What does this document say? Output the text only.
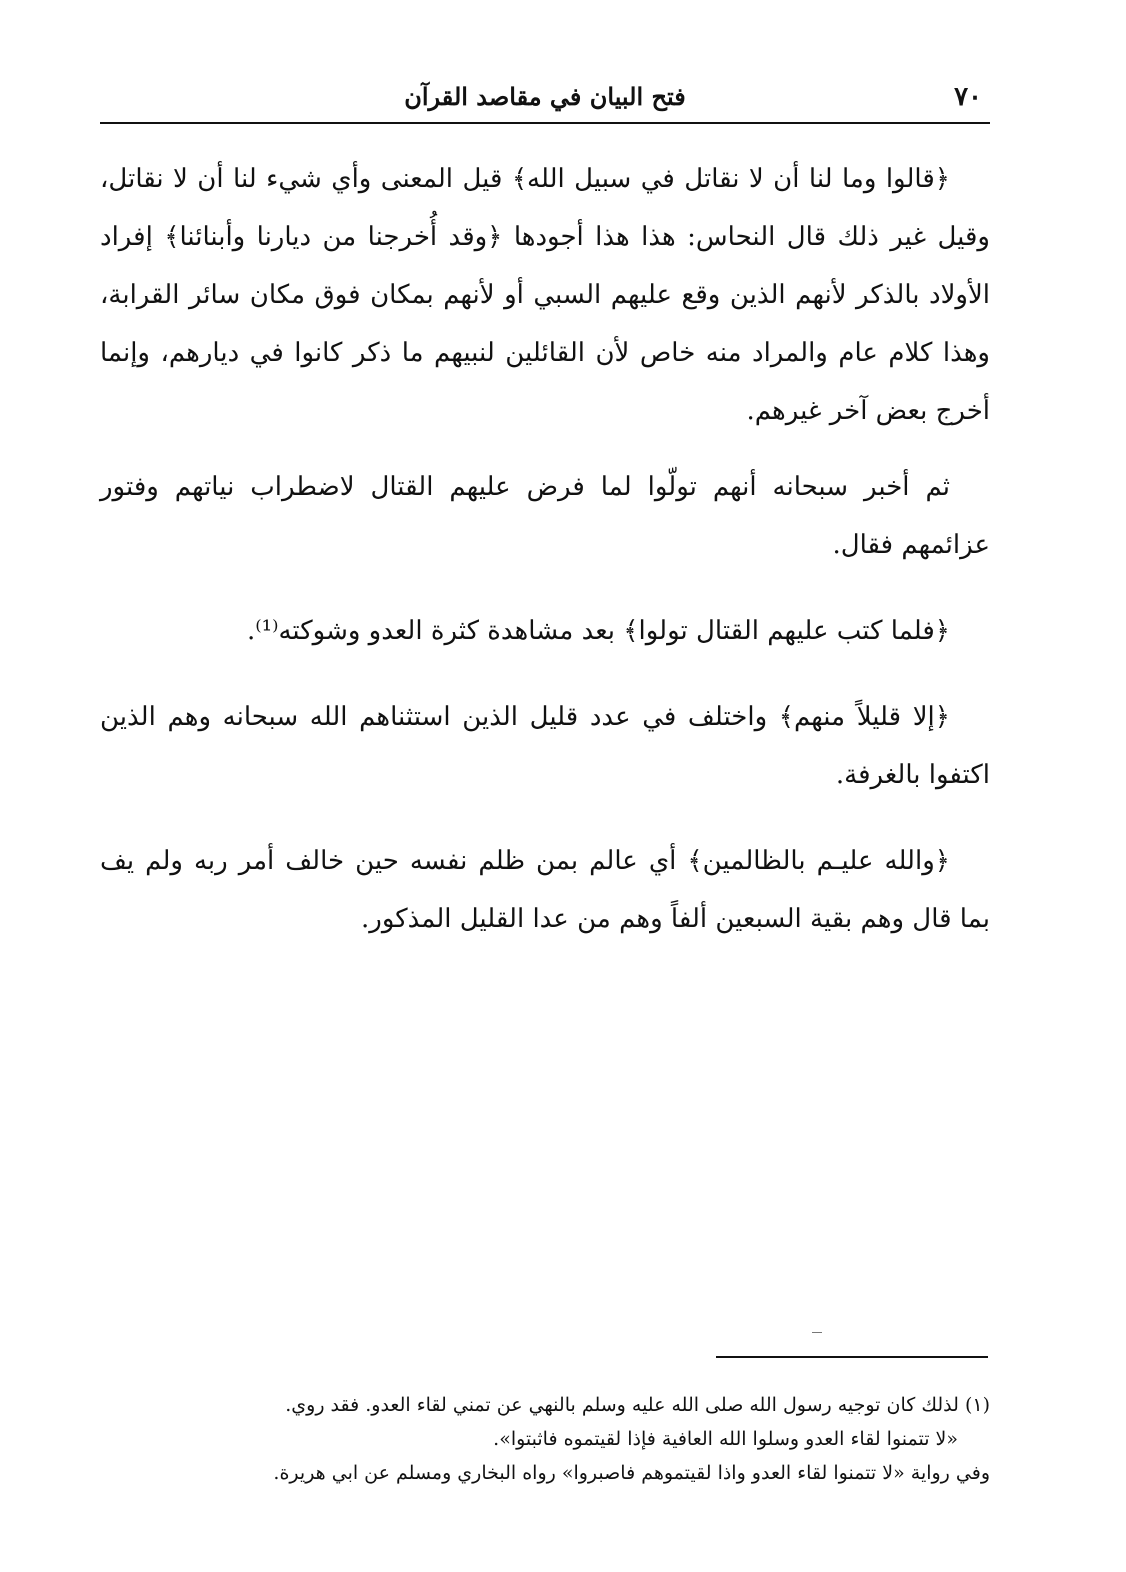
٧٠
فتح البيان في مقاصد القرآن

﴿قالوا وما لنا أن لا نقاتل في سبيل الله﴾ قيل المعنى وأي شيء لنا أن لا نقاتل، وقيل غير ذلك قال النحاس: هذا هذا أجودها ﴿وقد أُخرجنا من ديارنا وأبنائنا﴾ إفراد الأولاد بالذكر لأنهم الذين وقع عليهم السبي أو لأنهم بمكان فوق مكان سائر القرابة، وهذا كلام عام والمراد منه خاص لأن القائلين لنبيهم ما ذكر كانوا في ديارهم، وإنما أخرج بعض آخر غيرهم.

ثم أخبر سبحانه أنهم تولّوا لما فرض عليهم القتال لاضطراب نياتهم وفتور عزائمهم فقال.

﴿فلما كتب عليهم القتال تولوا﴾ بعد مشاهدة كثرة العدو وشوكته⁽¹⁾.

﴿إلا قليلاً منهم﴾ واختلف في عدد قليل الذين استثناهم الله سبحانه وهم الذين اكتفوا بالغرفة.

﴿والله عليـم بالظالمين﴾ أي عالم بمن ظلم نفسه حين خالف أمر ربه ولم يف بما قال وهم بقية السبعين ألفاً وهم من عدا القليل المذكور.

(١) لذلك كان توجيه رسول الله صلى الله عليه وسلم بالنهي عن تمني لقاء العدو. فقد روي.

«لا تتمنوا لقاء العدو وسلوا الله العافية فإذا لقيتموه فاثبتوا».

وفي رواية «لا تتمنوا لقاء العدو واذا لقيتموهم فاصبروا» رواه البخاري ومسلم عن ابي هريرة.
